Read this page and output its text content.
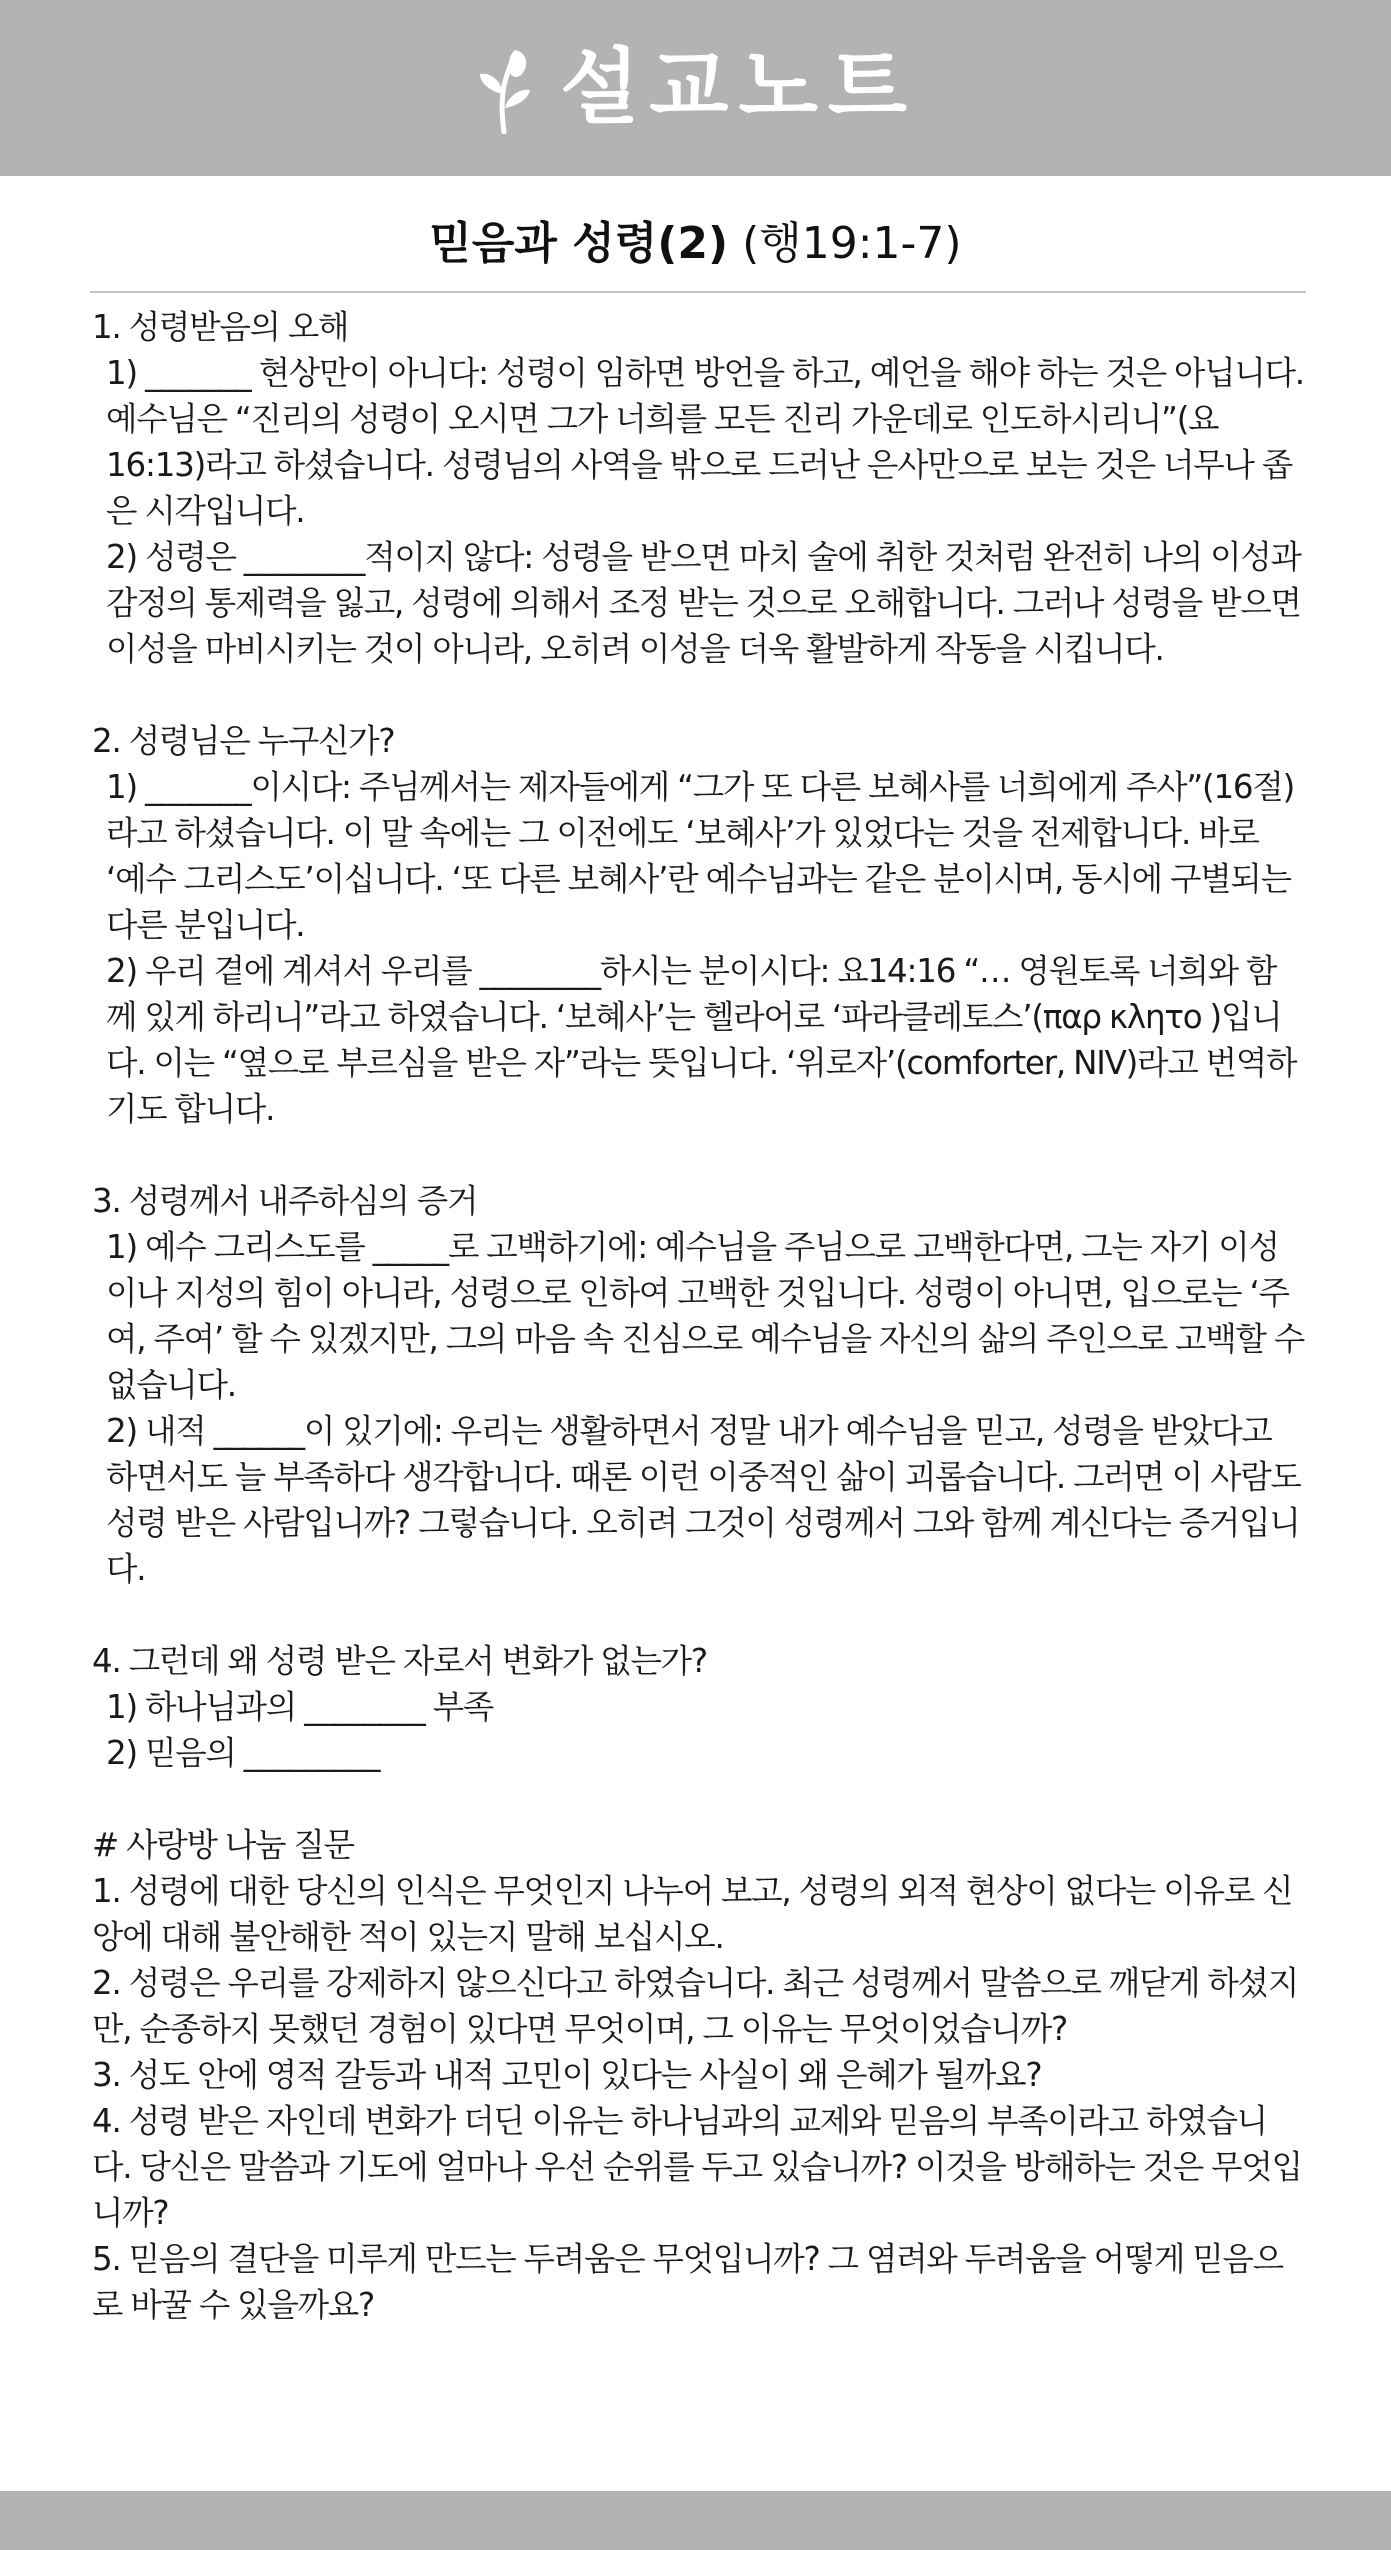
설교노트
믿음과 성령(2) (행19:1-7)

1. 성령받음의 오해

1) _______ 현상만이 아니다: 성령이 임하면 방언을 하고, 예언을 해야 하는 것은 아닙니다. 예수님은 “진리의 성령이 오시면 그가 너희를 모든 진리 가운데로 인도하시리니”(요16:13)라고 하셨습니다. 성령님의 사역을 밖으로 드러난 은사만으로 보는 것은 너무나 좁은 시각입니다.

2) 성령은 ________적이지 않다: 성령을 받으면 마치 술에 취한 것처럼 완전히 나의 이성과 감정의 통제력을 잃고, 성령에 의해서 조정 받는 것으로 오해합니다. 그러나 성령을 받으면 이성을 마비시키는 것이 아니라, 오히려 이성을 더욱 활발하게 작동을 시킵니다.

2. 성령님은 누구신가?

1) _______이시다: 주님께서는 제자들에게 “그가 또 다른 보혜사를 너희에게 주사”(16절)라고 하셨습니다. 이 말 속에는 그 이전에도 ‘보혜사’가 있었다는 것을 전제합니다. 바로 ‘예수 그리스도’이십니다. ‘또 다른 보혜사’란 예수님과는 같은 분이시며, 동시에 구별되는 다른 분입니다.

2) 우리 곁에 계셔서 우리를 ________하시는 분이시다: 요14:16 “… 영원토록 너희와 함께 있게 하리니”라고 하였습니다. ‘보혜사’는 헬라어로 ‘파라클레토스’(παρ κλητο )입니다. 이는 “옆으로 부르심을 받은 자”라는 뜻입니다. ‘위로자’(comforter, NIV)라고 번역하기도 합니다.

3. 성령께서 내주하심의 증거

1) 예수 그리스도를 _____로 고백하기에: 예수님을 주님으로 고백한다면, 그는 자기 이성이나 지성의 힘이 아니라, 성령으로 인하여 고백한 것입니다. 성령이 아니면, 입으로는 ‘주여, 주여’ 할 수 있겠지만, 그의 마음 속 진심으로 예수님을 자신의 삶의 주인으로 고백할 수 없습니다.

2) 내적 ______이 있기에: 우리는 생활하면서 정말 내가 예수님을 믿고, 성령을 받았다고 하면서도 늘 부족하다 생각합니다. 때론 이런 이중적인 삶이 괴롭습니다. 그러면 이 사람도 성령 받은 사람입니까? 그렇습니다. 오히려 그것이 성령께서 그와 함께 계신다는 증거입니다.

4. 그런데 왜 성령 받은 자로서 변화가 없는가?

1) 하나님과의 ________ 부족

2) 믿음의 _________

# 사랑방 나눔 질문

1. 성령에 대한 당신의 인식은 무엇인지 나누어 보고, 성령의 외적 현상이 없다는 이유로 신앙에 대해 불안해한 적이 있는지 말해 보십시오.

2. 성령은 우리를 강제하지 않으신다고 하였습니다. 최근 성령께서 말씀으로 깨닫게 하셨지만, 순종하지 못했던 경험이 있다면 무엇이며, 그 이유는 무엇이었습니까?

3. 성도 안에 영적 갈등과 내적 고민이 있다는 사실이 왜 은혜가 될까요?

4. 성령 받은 자인데 변화가 더딘 이유는 하나님과의 교제와 믿음의 부족이라고 하였습니다. 당신은 말씀과 기도에 얼마나 우선 순위를 두고 있습니까? 이것을 방해하는 것은 무엇입니까?

5. 믿음의 결단을 미루게 만드는 두려움은 무엇입니까? 그 염려와 두려움을 어떻게 믿음으로 바꿀 수 있을까요?
